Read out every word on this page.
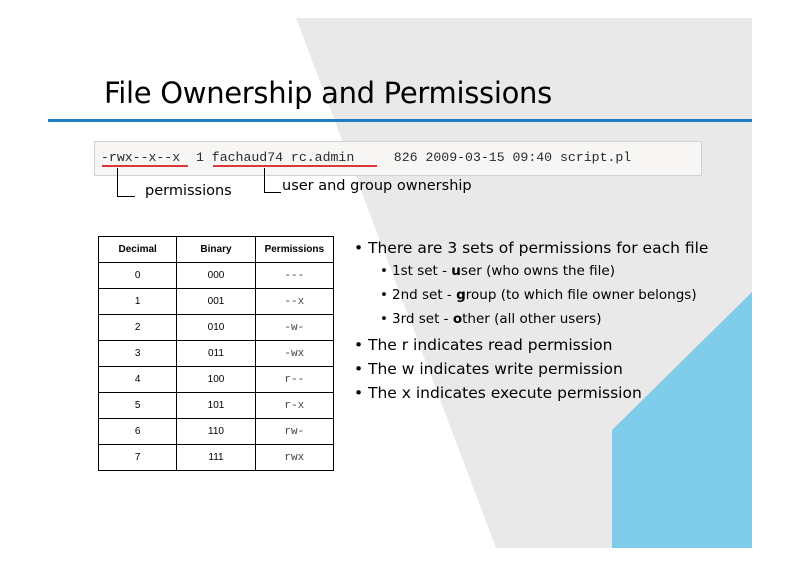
File Ownership and Permissions
-rwx--x--x  1 fachaud74 rc.admin     826 2009-03-15 09:40 script.pl
permissions	user and group ownership
Decimal	Binary	Permissions
0	000	---
1	001	--x
2	010	-w-
3	011	-wx
4	100	r--
5	101	r-x
6	110	rw-
7	111	rwx
• There are 3 sets of permissions for each file
• 1st set - user (who owns the file)
• 2nd set - group (to which file owner belongs)
• 3rd set - other (all other users)
• The r indicates read permission
• The w indicates write permission
• The x indicates execute permission
